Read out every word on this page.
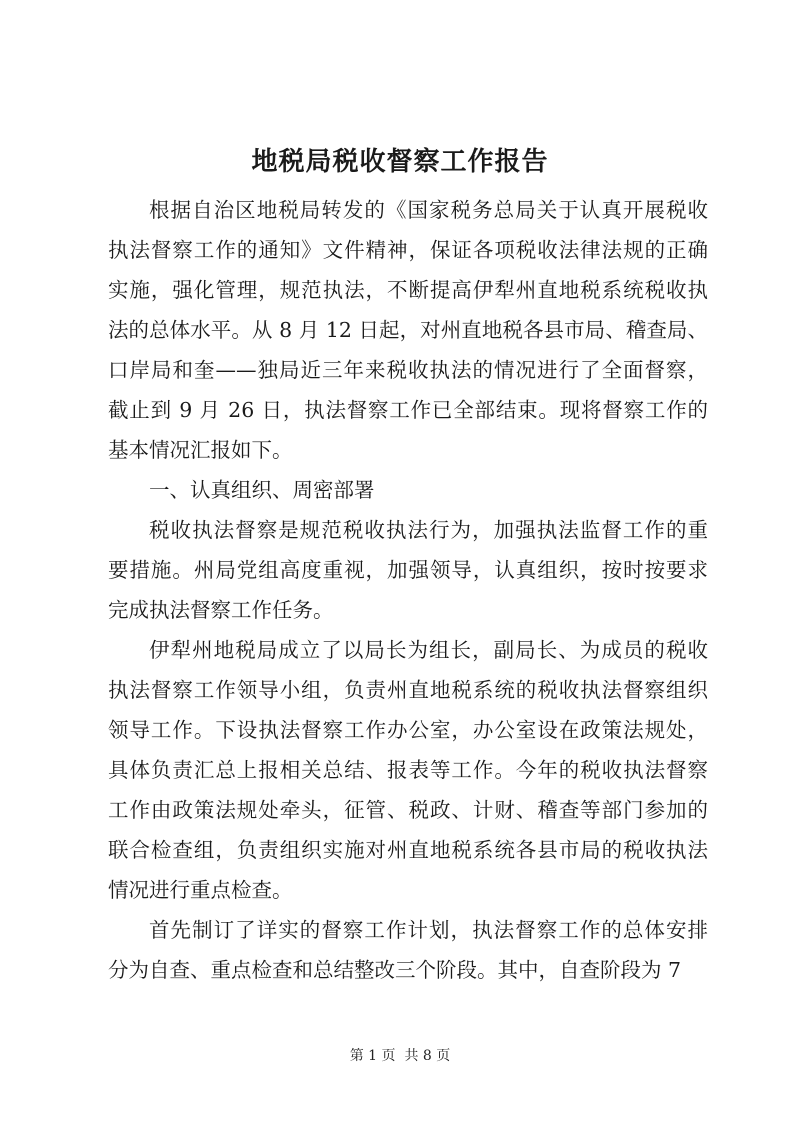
地税局税收督察工作报告
根据自治区地税局转发的《国家税务总局关于认真开展税收
执法督察工作的通知》文件精神，保证各项税收法律法规的正确
实施，强化管理，规范执法，不断提高伊犁州直地税系统税收执
法的总体水平。从 8 月 12 日起，对州直地税各县市局、稽查局、
口岸局和奎——独局近三年来税收执法的情况进行了全面督察，
截止到 9 月 26 日，执法督察工作已全部结束。现将督察工作的
基本情况汇报如下。
一、认真组织、周密部署
税收执法督察是规范税收执法行为，加强执法监督工作的重
要措施。州局党组高度重视，加强领导，认真组织，按时按要求
完成执法督察工作任务。
伊犁州地税局成立了以局长为组长，副局长、为成员的税收
执法督察工作领导小组，负责州直地税系统的税收执法督察组织
领导工作。下设执法督察工作办公室，办公室设在政策法规处，
具体负责汇总上报相关总结、报表等工作。今年的税收执法督察
工作由政策法规处牵头，征管、税政、计财、稽查等部门参加的
联合检查组，负责组织实施对州直地税系统各县市局的税收执法
情况进行重点检查。
首先制订了详实的督察工作计划，执法督察工作的总体安排
分为自查、重点检查和总结整改三个阶段。其中，自查阶段为 7
第 1 页  共 8 页
